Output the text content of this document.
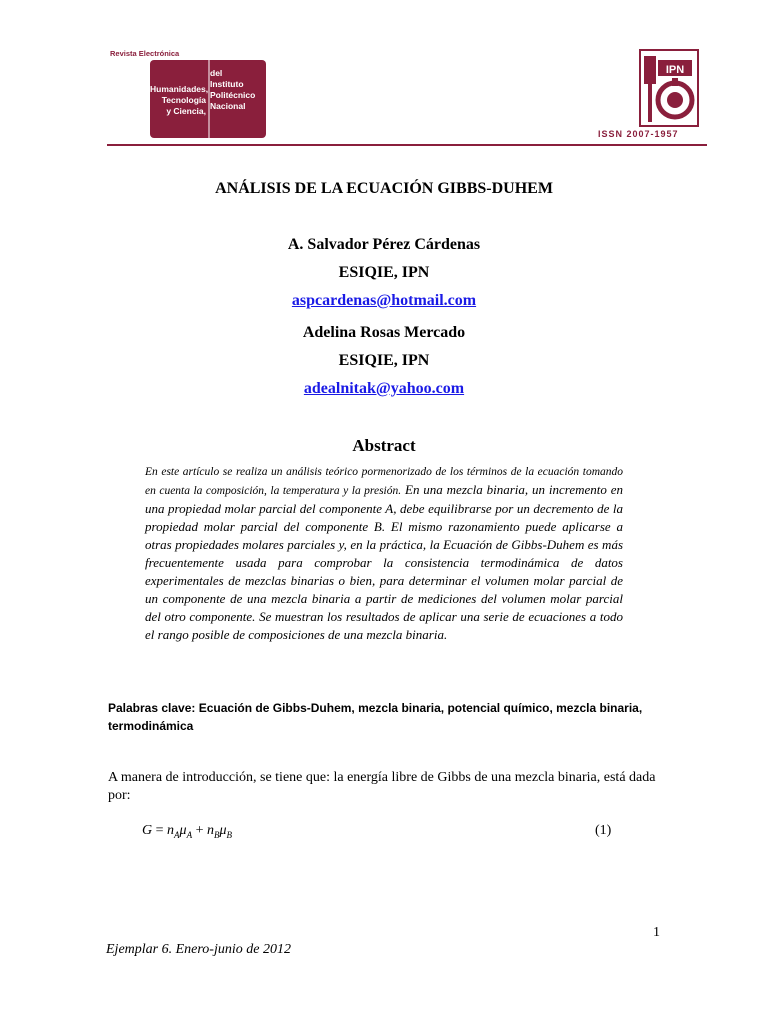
Revista Electrónica
Humanidades,
Tecnología
y Ciencia,
del
Instituto
Politécnico
Nacional
IPN
ISSN 2007-1957
ANÁLISIS DE LA ECUACIÓN GIBBS-DUHEM
A. Salvador Pérez Cárdenas
ESIQIE, IPN
aspcardenas@hotmail.com
Adelina Rosas Mercado
ESIQIE, IPN
adealnitak@yahoo.com
Abstract
En este artículo se realiza un análisis teórico pormenorizado de los términos de la ecuación tomando en cuenta la composición, la temperatura y la presión. En una mezcla binaria, un incremento en una propiedad molar parcial del componente A, debe equilibrarse por un decremento de la propiedad molar parcial del componente B. El mismo razonamiento puede aplicarse a otras propiedades molares parciales y, en la práctica, la Ecuación de Gibbs-Duhem es más frecuentemente usada para comprobar la consistencia termodinámica de datos experimentales de mezclas binarias o bien, para determinar el volumen molar parcial de un componente de una mezcla binaria a partir de mediciones del volumen molar parcial del otro componente. Se muestran los resultados de aplicar una serie de ecuaciones a todo el rango posible de composiciones de una mezcla binaria.
Palabras clave: Ecuación de Gibbs-Duhem, mezcla binaria, potencial químico, mezcla binaria, termodinámica
A manera de introducción, se tiene que: la energía libre de Gibbs de una mezcla binaria, está dada por:
$G = n_A\mu_A + n_B\mu_B$	(1)
1
Ejemplar 6. Enero-junio de 2012
